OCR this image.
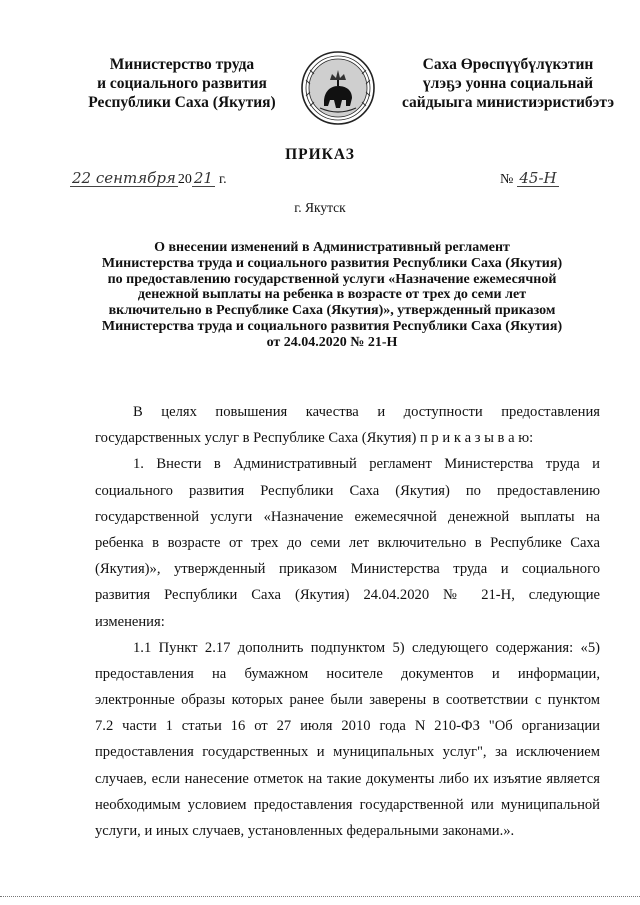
Министерство труда
и социального развития
Республики Саха (Якутия)
Саха Өрөспүүбүлүкэтин
үлэҕэ уонна социальнай
сайдыыга министиэристибэтэ
ПРИКАЗ
22 сентября 20 21 г.	№ 45-Н
г. Якутск
О внесении изменений в Административный регламент
Министерства труда и социального развития Республики Саха (Якутия)
по предоставлению государственной услуги «Назначение ежемесячной
денежной выплаты на ребенка в возрасте от трех до семи лет
включительно в Республике Саха (Якутия)», утвержденный приказом
Министерства труда и социального развития Республики Саха (Якутия)
от 24.04.2020 № 21-Н
В целях повышения качества и доступности предоставления
государственных услуг в Республике Саха (Якутия) п р и к а з ы в а ю:
1. Внести в Административный регламент Министерства труда и
социального развития Республики Саха (Якутия) по предоставлению
государственной услуги «Назначение ежемесячной денежной выплаты на
ребенка в возрасте от трех до семи лет включительно в Республике Саха
(Якутия)», утвержденный приказом Министерства труда и социального
развития Республики Саха (Якутия) 24.04.2020 № 21-Н, следующие
изменения:
1.1 Пункт 2.17 дополнить подпунктом 5) следующего содержания: «5)
предоставления на бумажном носителе документов и информации,
электронные образы которых ранее были заверены в соответствии с пунктом
7.2 части 1 статьи 16 от 27 июля 2010 года N 210-ФЗ "Об организации
предоставления государственных и муниципальных услуг", за исключением
случаев, если нанесение отметок на такие документы либо их изъятие является
необходимым условием предоставления государственной или муниципальной
услуги, и иных случаев, установленных федеральными законами.».
